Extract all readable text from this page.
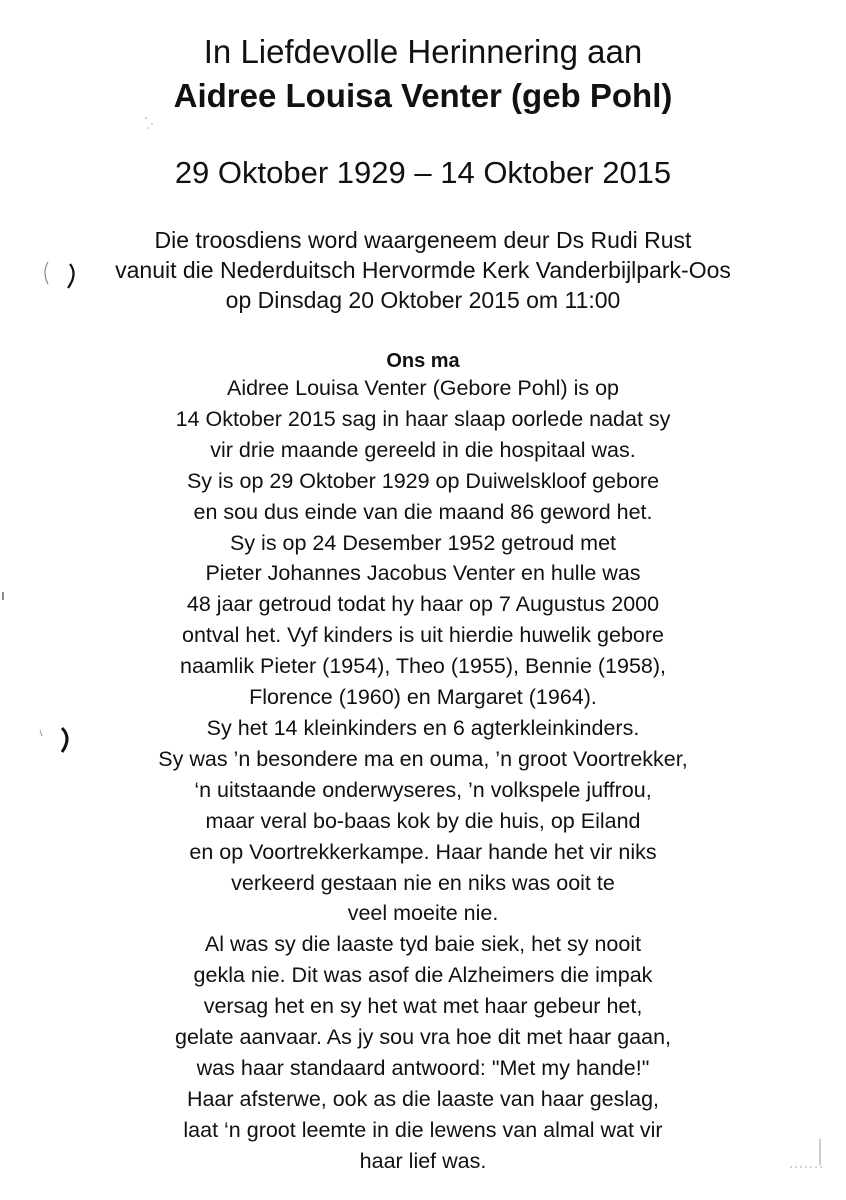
In Liefdevolle Herinnering aan
Aidree Louisa Venter (geb Pohl)
29 Oktober 1929 – 14 Oktober 2015
Die troosdiens word waargeneem deur Ds Rudi Rust
vanuit die Nederduitsch Hervormde Kerk Vanderbijlpark-Oos
op Dinsdag 20 Oktober 2015 om 11:00
Ons ma
Aidree Louisa Venter (Gebore Pohl) is op
14 Oktober 2015 sag in haar slaap oorlede nadat sy
vir drie maande gereeld in die hospitaal was.
Sy is op 29 Oktober 1929 op Duiwelskloof gebore
en sou dus einde van die maand 86 geword het.
Sy is op 24 Desember 1952 getroud met
Pieter Johannes Jacobus Venter en hulle was
48 jaar getroud todat hy haar op 7 Augustus 2000
ontval het. Vyf kinders is uit hierdie huwelik gebore
naamlik Pieter (1954), Theo (1955), Bennie (1958),
Florence (1960) en Margaret (1964).
Sy het 14 kleinkinders en 6 agterkleinkinders.
Sy was ’n besondere ma en ouma, ’n groot Voortrekker,
‘n uitstaande onderwyseres, ’n volkspele juffrou,
maar veral bo-baas kok by die huis, op Eiland
en op Voortrekkerkampe. Haar hande het vir niks
verkeerd gestaan nie en niks was ooit te
veel moeite nie.
Al was sy die laaste tyd baie siek, het sy nooit
gekla nie. Dit was asof die Alzheimers die impak
versag het en sy het wat met haar gebeur het,
gelate aanvaar. As jy sou vra hoe dit met haar gaan,
was haar standaard antwoord: "Met my hande!"
Haar afsterwe, ook as die laaste van haar geslag,
laat ‘n groot leemte in die lewens van almal wat vir
haar lief was.
